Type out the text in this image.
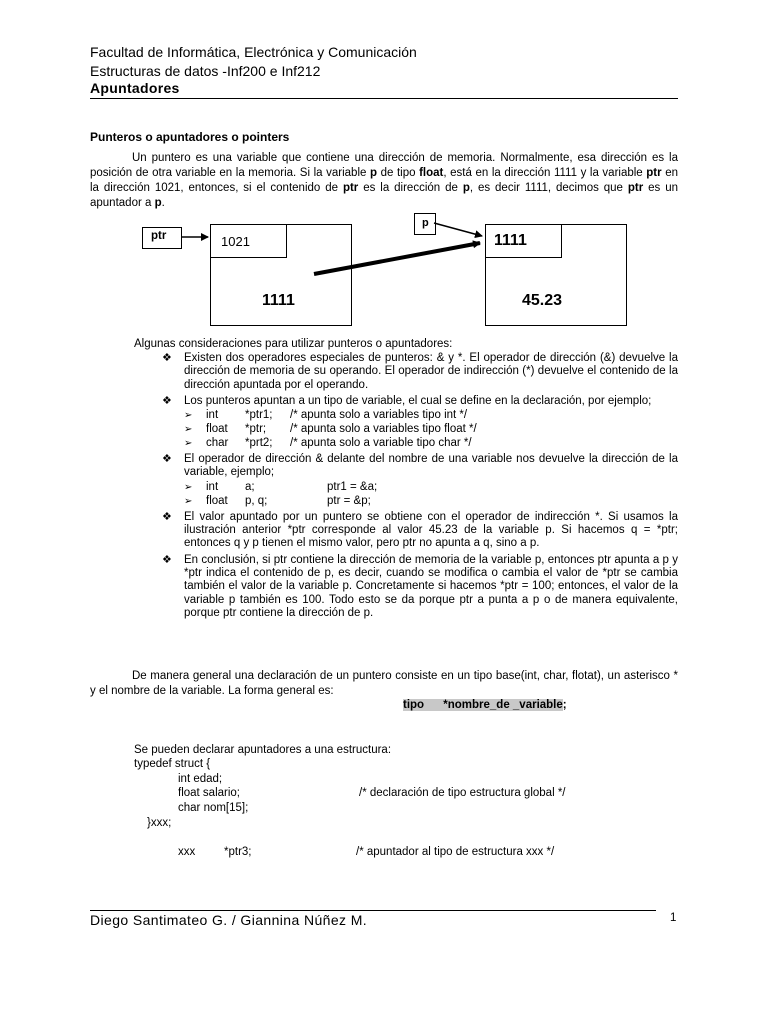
Facultad de Informática, Electrónica y Comunicación
Estructuras de datos -Inf200 e Inf212
Apuntadores
Punteros o apuntadores o pointers
Un puntero es una variable que contiene una dirección de memoria. Normalmente, esa dirección es la posición de otra variable en la memoria. Si la variable p de tipo float, está en la dirección 1111 y la variable ptr en la dirección 1021, entonces, si el contenido de ptr es la dirección de p, es decir 1111, decimos que ptr es un apuntador a p.
ptr	1021
1111
p
1111
45.23
Algunas consideraciones para utilizar punteros o apuntadores:
❖ Existen dos operadores especiales de punteros: & y *. El operador de dirección (&) devuelve la dirección de memoria de su operando. El operador de indirección (*) devuelve el contenido de la dirección apuntada por el operando.
❖ Los punteros apuntan a un tipo de variable, el cual se define en la declaración, por ejemplo;
➢ int *ptr1; /* apunta solo a variables tipo int */
➢ float *ptr; /* apunta solo a variables tipo float */
➢ char *prt2; /* apunta solo a variable tipo char */
❖ El operador de dirección & delante del nombre de una variable nos devuelve la dirección de la variable, ejemplo;
➢ int a;	ptr1 = &a;
➢ float p, q;	ptr = &p;
❖ El valor apuntado por un puntero se obtiene con el operador de indirección *. Si usamos la ilustración anterior *ptr corresponde al valor 45.23 de la variable p. Si hacemos q = *ptr; entonces q y p tienen el mismo valor, pero ptr no apunta a q, sino a p.
❖ En conclusión, si ptr contiene la dirección de memoria de la variable p, entonces ptr apunta a p y *ptr indica el contenido de p, es decir, cuando se modifica o cambia el valor de *ptr se cambia también el valor de la variable p. Concretamente si hacemos *ptr = 100; entonces, el valor de la variable p también es 100. Todo esto se da porque ptr a punta a p o de manera equivalente, porque ptr contiene la dirección de p.
De manera general una declaración de un puntero consiste en un tipo base(int, char, flotat), un asterisco * y el nombre de la variable. La forma general es:
tipo *nombre_de _variable;
Se pueden declarar apuntadores a una estructura:
typedef struct {
int edad;
float salario;	/* declaración de tipo estructura global */
char nom[15];
}xxx;
xxx	*ptr3;	/* apuntador al tipo de estructura xxx */
Diego Santimateo G. / Giannina Núñez M.	1
